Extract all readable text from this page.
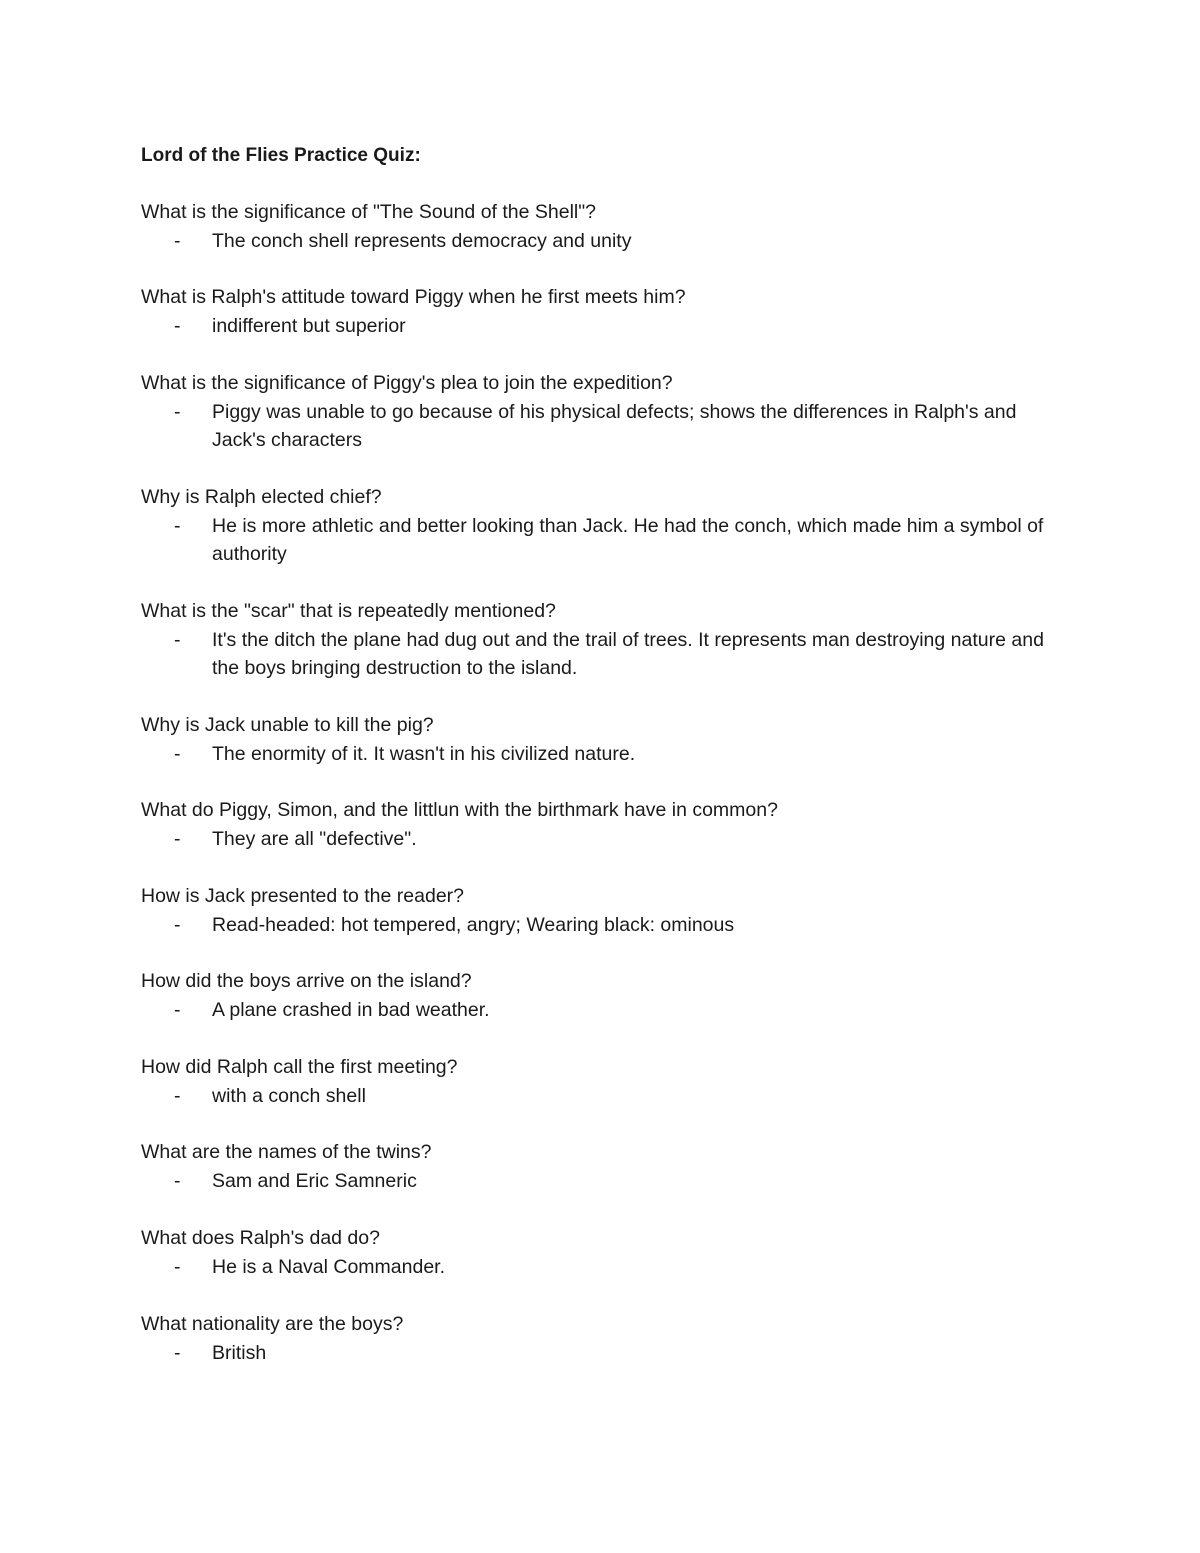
Lord of the Flies Practice Quiz:
What is the significance of "The Sound of the Shell"?
- The conch shell represents democracy and unity
What is Ralph's attitude toward Piggy when he first meets him?
- indifferent but superior
What is the significance of Piggy's plea to join the expedition?
- Piggy was unable to go because of his physical defects; shows the differences in Ralph's and Jack's characters
Why is Ralph elected chief?
- He is more athletic and better looking than Jack. He had the conch, which made him a symbol of authority
What is the "scar" that is repeatedly mentioned?
- It's the ditch the plane had dug out and the trail of trees. It represents man destroying nature and the boys bringing destruction to the island.
Why is Jack unable to kill the pig?
- The enormity of it. It wasn't in his civilized nature.
What do Piggy, Simon, and the littlun with the birthmark have in common?
- They are all "defective".
How is Jack presented to the reader?
- Read-headed: hot tempered, angry; Wearing black: ominous
How did the boys arrive on the island?
- A plane crashed in bad weather.
How did Ralph call the first meeting?
- with a conch shell
What are the names of the twins?
- Sam and Eric Samneric
What does Ralph's dad do?
- He is a Naval Commander.
What nationality are the boys?
- British
